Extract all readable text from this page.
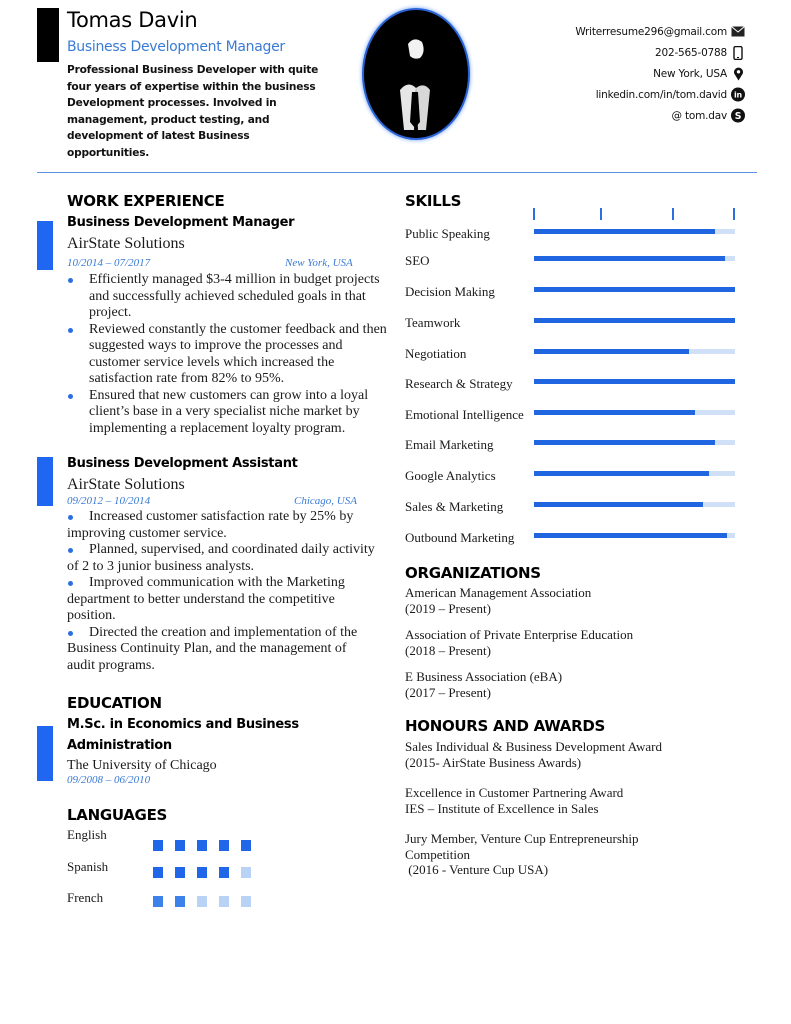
Tomas Davin
Business Development Manager
Professional Business Developer with quite four years of expertise within the business Development processes. Involved in management, product testing, and development of latest Business opportunities.
Writerresume296@gmail.com
202-565-0788
New York, USA
linkedin.com/in/tom.david in
@ tom.dav S
WORK EXPERIENCE
Business Development Manager
AirState Solutions
10/2014 – 07/2017	New York, USA
Efficiently managed $3-4 million in budget projects and successfully achieved scheduled goals in that project.
Reviewed constantly the customer feedback and then suggested ways to improve the processes and customer service levels which increased the satisfaction rate from 82% to 95%.
Ensured that new customers can grow into a loyal client’s base in a very specialist niche market by implementing a replacement loyalty program.
Business Development Assistant
AirState Solutions
09/2012 – 10/2014	Chicago, USA
Increased customer satisfaction rate by 25% by improving customer service.
Planned, supervised, and coordinated daily activity of 2 to 3 junior business analysts.
Improved communication with the Marketing department to better understand the competitive position.
Directed the creation and implementation of the Business Continuity Plan, and the management of audit programs.
EDUCATION
M.Sc. in Economics and Business
Administration
The University of Chicago
09/2008 – 06/2010
LANGUAGES
English
Spanish
French
SKILLS
Public Speaking
SEO
Decision Making
Teamwork
Negotiation
Research & Strategy
Emotional Intelligence
Email Marketing
Google Analytics
Sales & Marketing
Outbound Marketing
ORGANIZATIONS
American Management Association
(2019 – Present)
Association of Private Enterprise Education
(2018 – Present)
E Business Association (eBA)
(2017 – Present)
HONOURS AND AWARDS
Sales Individual & Business Development Award
(2015- AirState Business Awards)
Excellence in Customer Partnering Award
IES – Institute of Excellence in Sales
Jury Member, Venture Cup Entrepreneurship Competition
(2016 - Venture Cup USA)
